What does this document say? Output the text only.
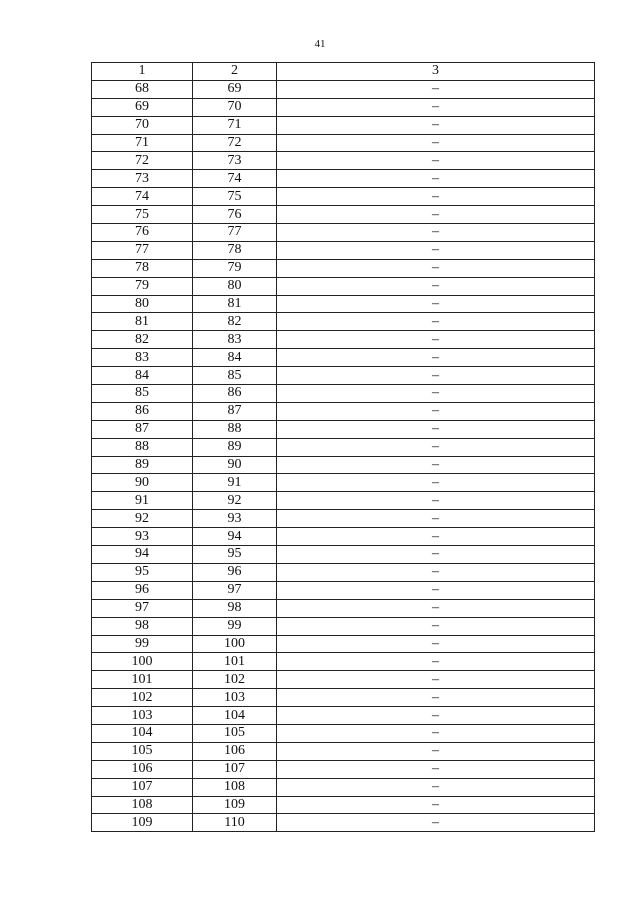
41
1	2	3
68	69	–
69	70	–
70	71	–
71	72	–
72	73	–
73	74	–
74	75	–
75	76	–
76	77	–
77	78	–
78	79	–
79	80	–
80	81	–
81	82	–
82	83	–
83	84	–
84	85	–
85	86	–
86	87	–
87	88	–
88	89	–
89	90	–
90	91	–
91	92	–
92	93	–
93	94	–
94	95	–
95	96	–
96	97	–
97	98	–
98	99	–
99	100	–
100	101	–
101	102	–
102	103	–
103	104	–
104	105	–
105	106	–
106	107	–
107	108	–
108	109	–
109	110	–
